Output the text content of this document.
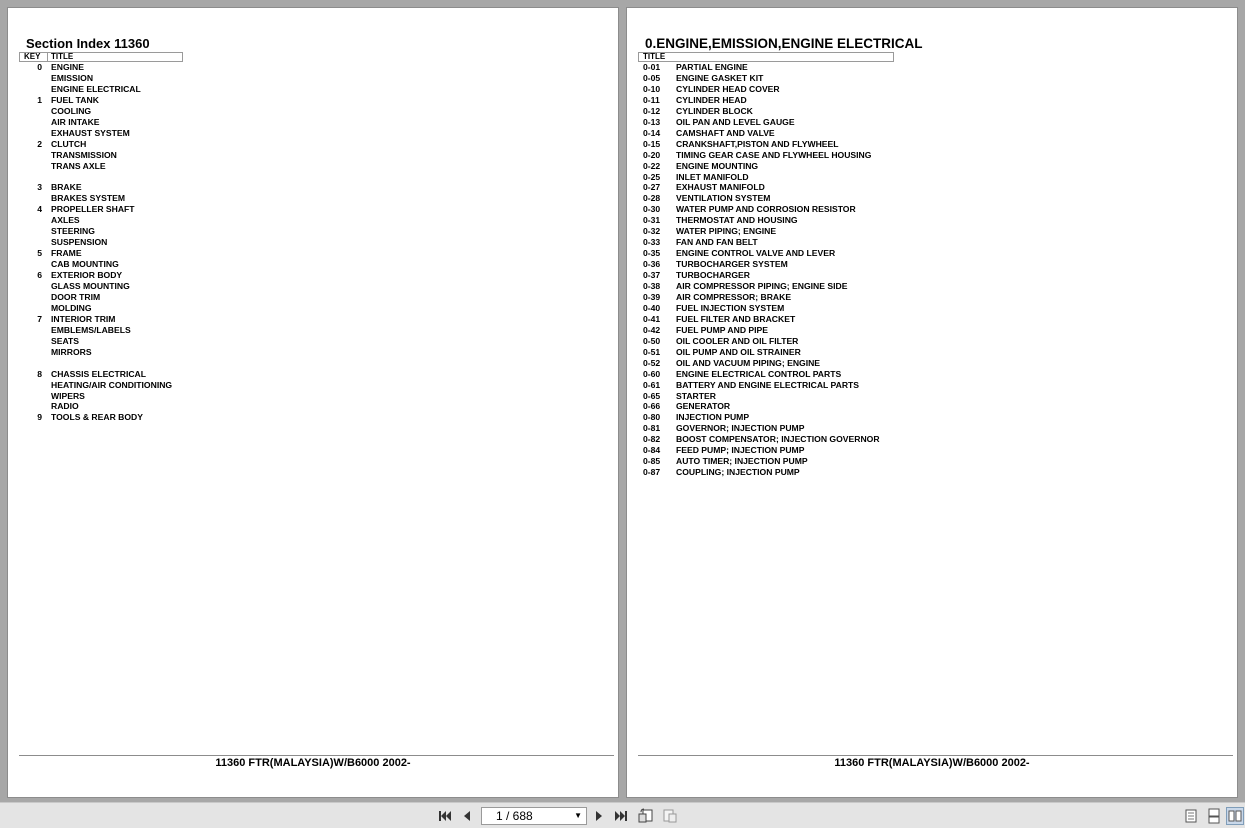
Section Index 11360
KEY TITLE
0 ENGINE
EMISSION
ENGINE ELECTRICAL
1 FUEL TANK
COOLING
AIR INTAKE
EXHAUST SYSTEM
2 CLUTCH
TRANSMISSION
TRANS AXLE
3 BRAKE
BRAKES SYSTEM
4 PROPELLER SHAFT
AXLES
STEERING
SUSPENSION
5 FRAME
CAB MOUNTING
6 EXTERIOR BODY
GLASS MOUNTING
DOOR TRIM
MOLDING
7 INTERIOR TRIM
EMBLEMS/LABELS
SEATS
MIRRORS
8 CHASSIS ELECTRICAL
HEATING/AIR CONDITIONING
WIPERS
RADIO
9 TOOLS & REAR BODY
11360 FTR(MALAYSIA)W/B6000 2002-
0.ENGINE,EMISSION,ENGINE ELECTRICAL
TITLE
0-01 PARTIAL ENGINE
0-05 ENGINE GASKET KIT
0-10 CYLINDER HEAD COVER
0-11 CYLINDER HEAD
0-12 CYLINDER BLOCK
0-13 OIL PAN AND LEVEL GAUGE
0-14 CAMSHAFT AND VALVE
0-15 CRANKSHAFT,PISTON AND FLYWHEEL
0-20 TIMING GEAR CASE AND FLYWHEEL HOUSING
0-22 ENGINE MOUNTING
0-25 INLET MANIFOLD
0-27 EXHAUST MANIFOLD
0-28 VENTILATION SYSTEM
0-30 WATER PUMP AND CORROSION RESISTOR
0-31 THERMOSTAT AND HOUSING
0-32 WATER PIPING; ENGINE
0-33 FAN AND FAN BELT
0-35 ENGINE CONTROL VALVE AND LEVER
0-36 TURBOCHARGER SYSTEM
0-37 TURBOCHARGER
0-38 AIR COMPRESSOR PIPING; ENGINE SIDE
0-39 AIR COMPRESSOR; BRAKE
0-40 FUEL INJECTION SYSTEM
0-41 FUEL FILTER AND BRACKET
0-42 FUEL PUMP AND PIPE
0-50 OIL COOLER AND OIL FILTER
0-51 OIL PUMP AND OIL STRAINER
0-52 OIL AND VACUUM PIPING; ENGINE
0-60 ENGINE ELECTRICAL CONTROL PARTS
0-61 BATTERY AND ENGINE ELECTRICAL PARTS
0-65 STARTER
0-66 GENERATOR
0-80 INJECTION PUMP
0-81 GOVERNOR; INJECTION PUMP
0-82 BOOST COMPENSATOR; INJECTION GOVERNOR
0-84 FEED PUMP; INJECTION PUMP
0-85 AUTO TIMER; INJECTION PUMP
0-87 COUPLING; INJECTION PUMP
11360 FTR(MALAYSIA)W/B6000 2002-
1 / 688	▼
